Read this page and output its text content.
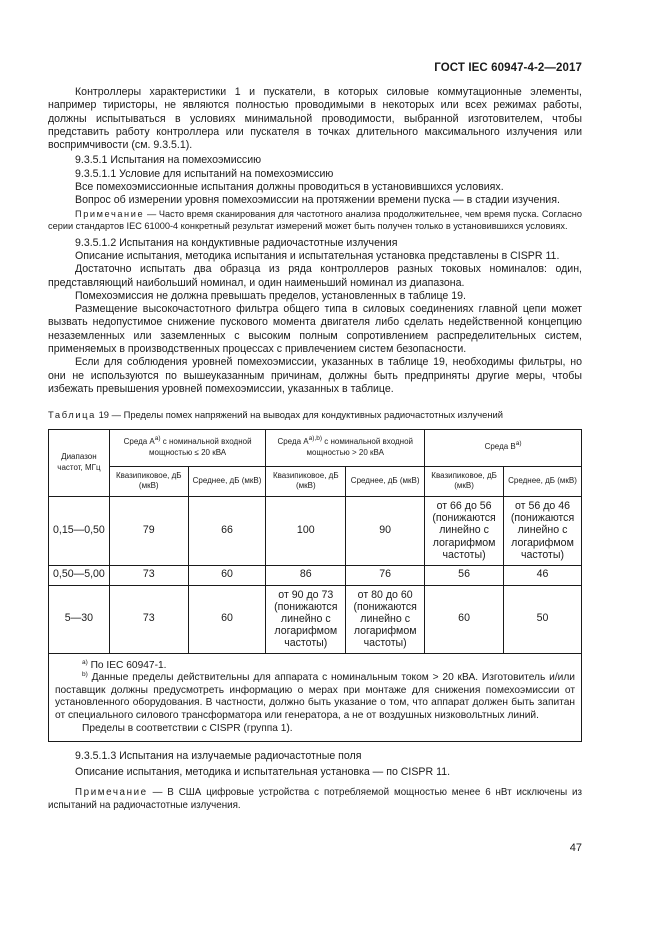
ГОСТ IEC 60947-4-2—2017

Контроллеры характеристики 1 и пускатели, в которых силовые коммутационные элементы, например тиристоры, не являются полностью проводимыми в некоторых или всех режимах работы, должны испытываться в условиях минимальной проводимости, выбранной изготовителем, чтобы представить работу контроллера или пускателя в точках длительного максимального излучения или воспримчивости (см. 9.3.5.1).

9.3.5.1 Испытания на помехоэмиссию

9.3.5.1.1 Условие для испытаний на помехоэмиссию

Все помехоэмиссионные испытания должны проводиться в установившихся условиях.

Вопрос об измерении уровня помехоэмиссии на протяжении времени пуска — в стадии изучения.

Примечание — Часто время сканирования для частотного анализа продолжительнее, чем время пуска. Согласно серии стандартов IEC 61000-4 конкретный результат измерений может быть получен только в установившихся условиях.

9.3.5.1.2 Испытания на кондуктивные радиочастотные излучения

Описание испытания, методика испытания и испытательная установка представлены в CISPR 11.

Достаточно испытать два образца из ряда контроллеров разных токовых номиналов: один, представляющий наибольший номинал, и один наименьший номинал из диапазона.

Помехоэмиссия не должна превышать пределов, установленных в таблице 19.

Размещение высокочастотного фильтра общего типа в силовых соединениях главной цепи может вызвать недопустимое снижение пускового момента двигателя либо сделать недейственной концепцию незаземленных или заземленных с высоким полным сопротивлением распределительных систем, применяемых в производственных процессах с привлечением систем безопасности.

Если для соблюдения уровней помехоэмиссии, указанных в таблице 19, необходимы фильтры, но они не используются по вышеуказанным причинам, должны быть предприняты другие меры, чтобы избежать превышения уровней помехоэмиссии, указанных в таблице.

Таблица 19 — Пределы помех напряжений на выводах для кондуктивных радиочастотных излучений

Диапазон частот, МГц	Среда $A^{a)}$ с номинальной входной мощностью ≤ 20 кВА		Среда $A^{a),b)}$ с номинальной входной мощностью > 20 кВА		Среда $B^{a)}$
	Квазипиковое, дБ (мкВ)	Среднее, дБ (мкВ)	Квазипиковое, дБ (мкВ)	Среднее, дБ (мкВ)	Квазипиковое, дБ (мкВ)	Среднее, дБ (мкВ)
0,15—0,50	79	66	100	90	от 66 до 56 (понижаются линейно с логарифмом частоты)	от 56 до 46 (понижаются линейно с логарифмом частоты)
0,50—5,00	73	60	86	76	56	46
5—30	73	60	от 90 до 73 (понижаются линейно с логарифмом частоты)	от 80 до 60 (понижаются линейно с логарифмом частоты)	60	50

$^{a)}$ По IEC 60947-1.

$^{b)}$ Данные пределы действительны для аппарата с номинальным током > 20 кВА. Изготовитель и/или поставщик должны предусмотреть информацию о мерах при монтаже для снижения помехоэмиссии от установленного оборудования. В частности, должно быть указание о том, что аппарат должен быть запитан от специального силового трансформатора или генератора, а не от воздушных низковольтных линий.

Пределы в соответствии с CISPR (группа 1).						

9.3.5.1.3 Испытания на излучаемые радиочастотные поля

Описание испытания, методика и испытательная установка — по CISPR 11.

Примечание — В США цифровые устройства с потребляемой мощностью менее 6 нВт исключены из испытаний на радиочастотные излучения.

47
